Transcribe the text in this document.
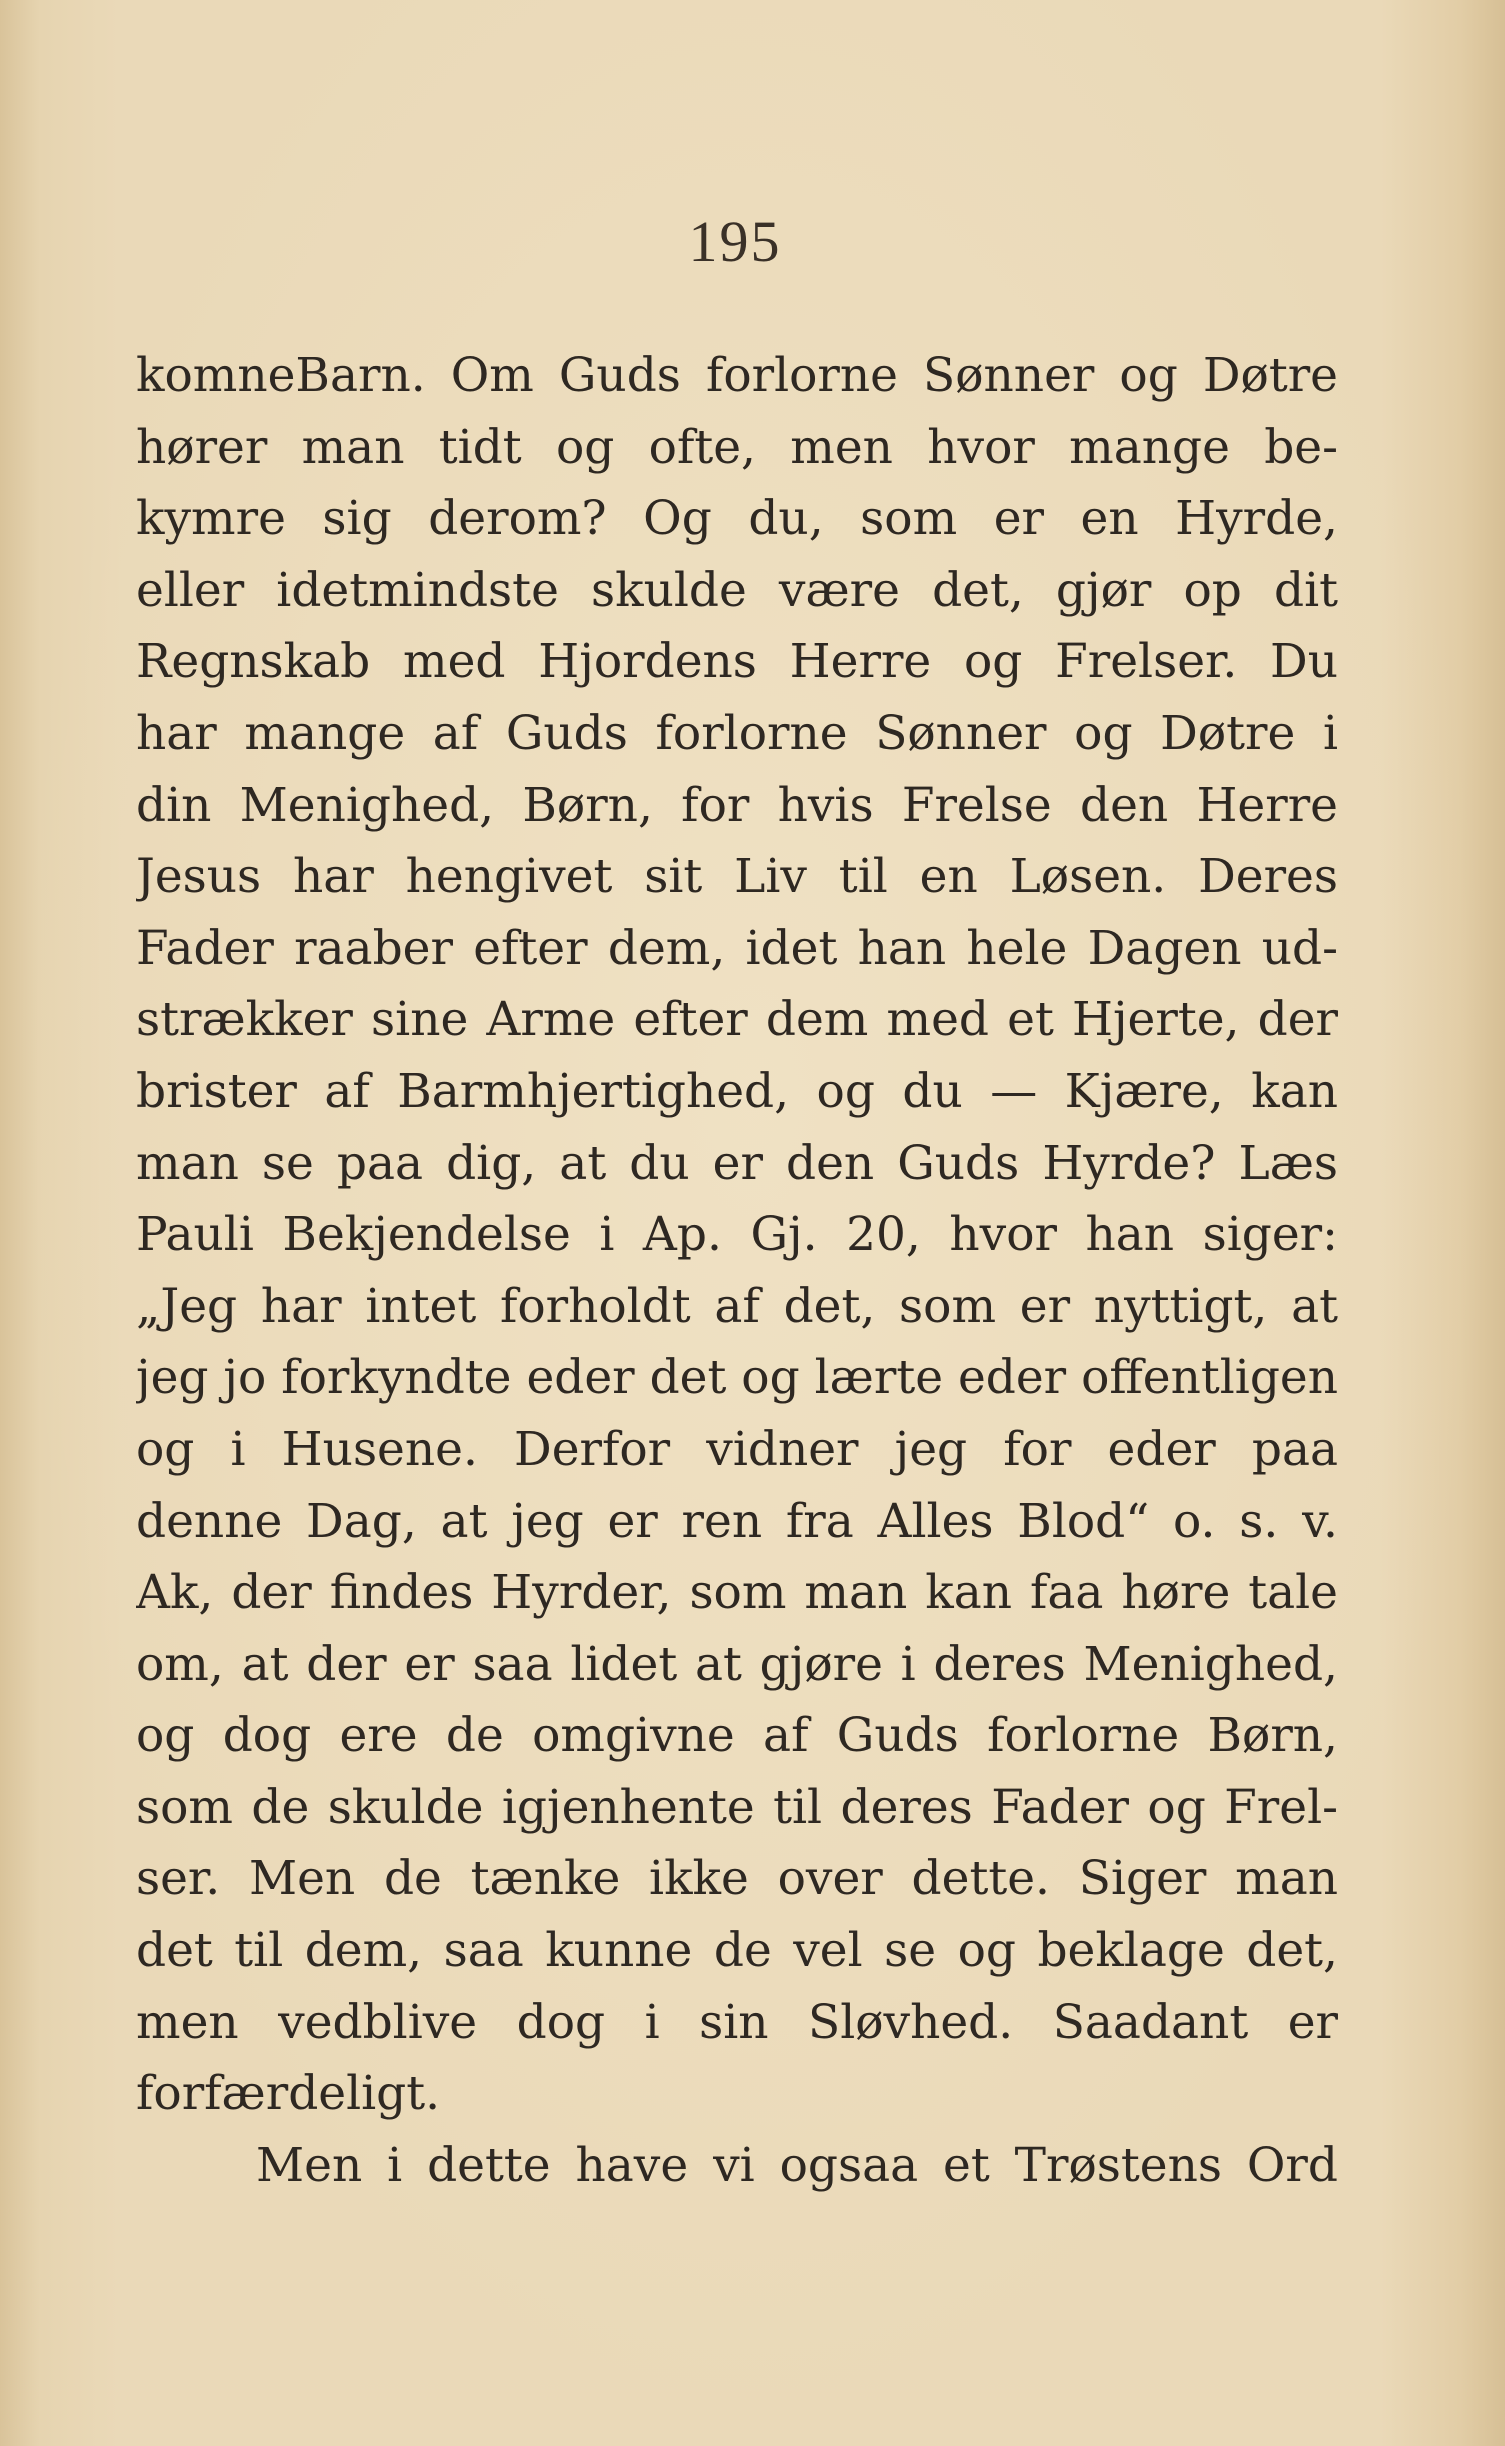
195
komneBarn. Om Guds forlorne Sønner og Døtre
hører man tidt og ofte, men hvor mange be-
kymre sig derom? Og du, som er en Hyrde,
eller idetmindste skulde være det, gjør op dit
Regnskab med Hjordens Herre og Frelser. Du
har mange af Guds forlorne Sønner og Døtre i
din Menighed, Børn, for hvis Frelse den Herre
Jesus har hengivet sit Liv til en Løsen. Deres
Fader raaber efter dem, idet han hele Dagen ud-
strækker sine Arme efter dem med et Hjerte, der
brister af Barmhjertighed, og du — Kjære, kan
man se paa dig, at du er den Guds Hyrde? Læs
Pauli Bekjendelse i Ap. Gj. 20, hvor han siger:
„Jeg har intet forholdt af det, som er nyttigt, at
jeg jo forkyndte eder det og lærte eder offentligen
og i Husene. Derfor vidner jeg for eder paa
denne Dag, at jeg er ren fra Alles Blod“ o. s. v.
Ak, der findes Hyrder, som man kan faa høre tale
om, at der er saa lidet at gjøre i deres Menighed,
og dog ere de omgivne af Guds forlorne Børn,
som de skulde igjenhente til deres Fader og Frel-
ser. Men de tænke ikke over dette. Siger man
det til dem, saa kunne de vel se og beklage det,
men vedblive dog i sin Sløvhed. Saadant er
forfærdeligt.
Men i dette have vi ogsaa et Trøstens Ord
